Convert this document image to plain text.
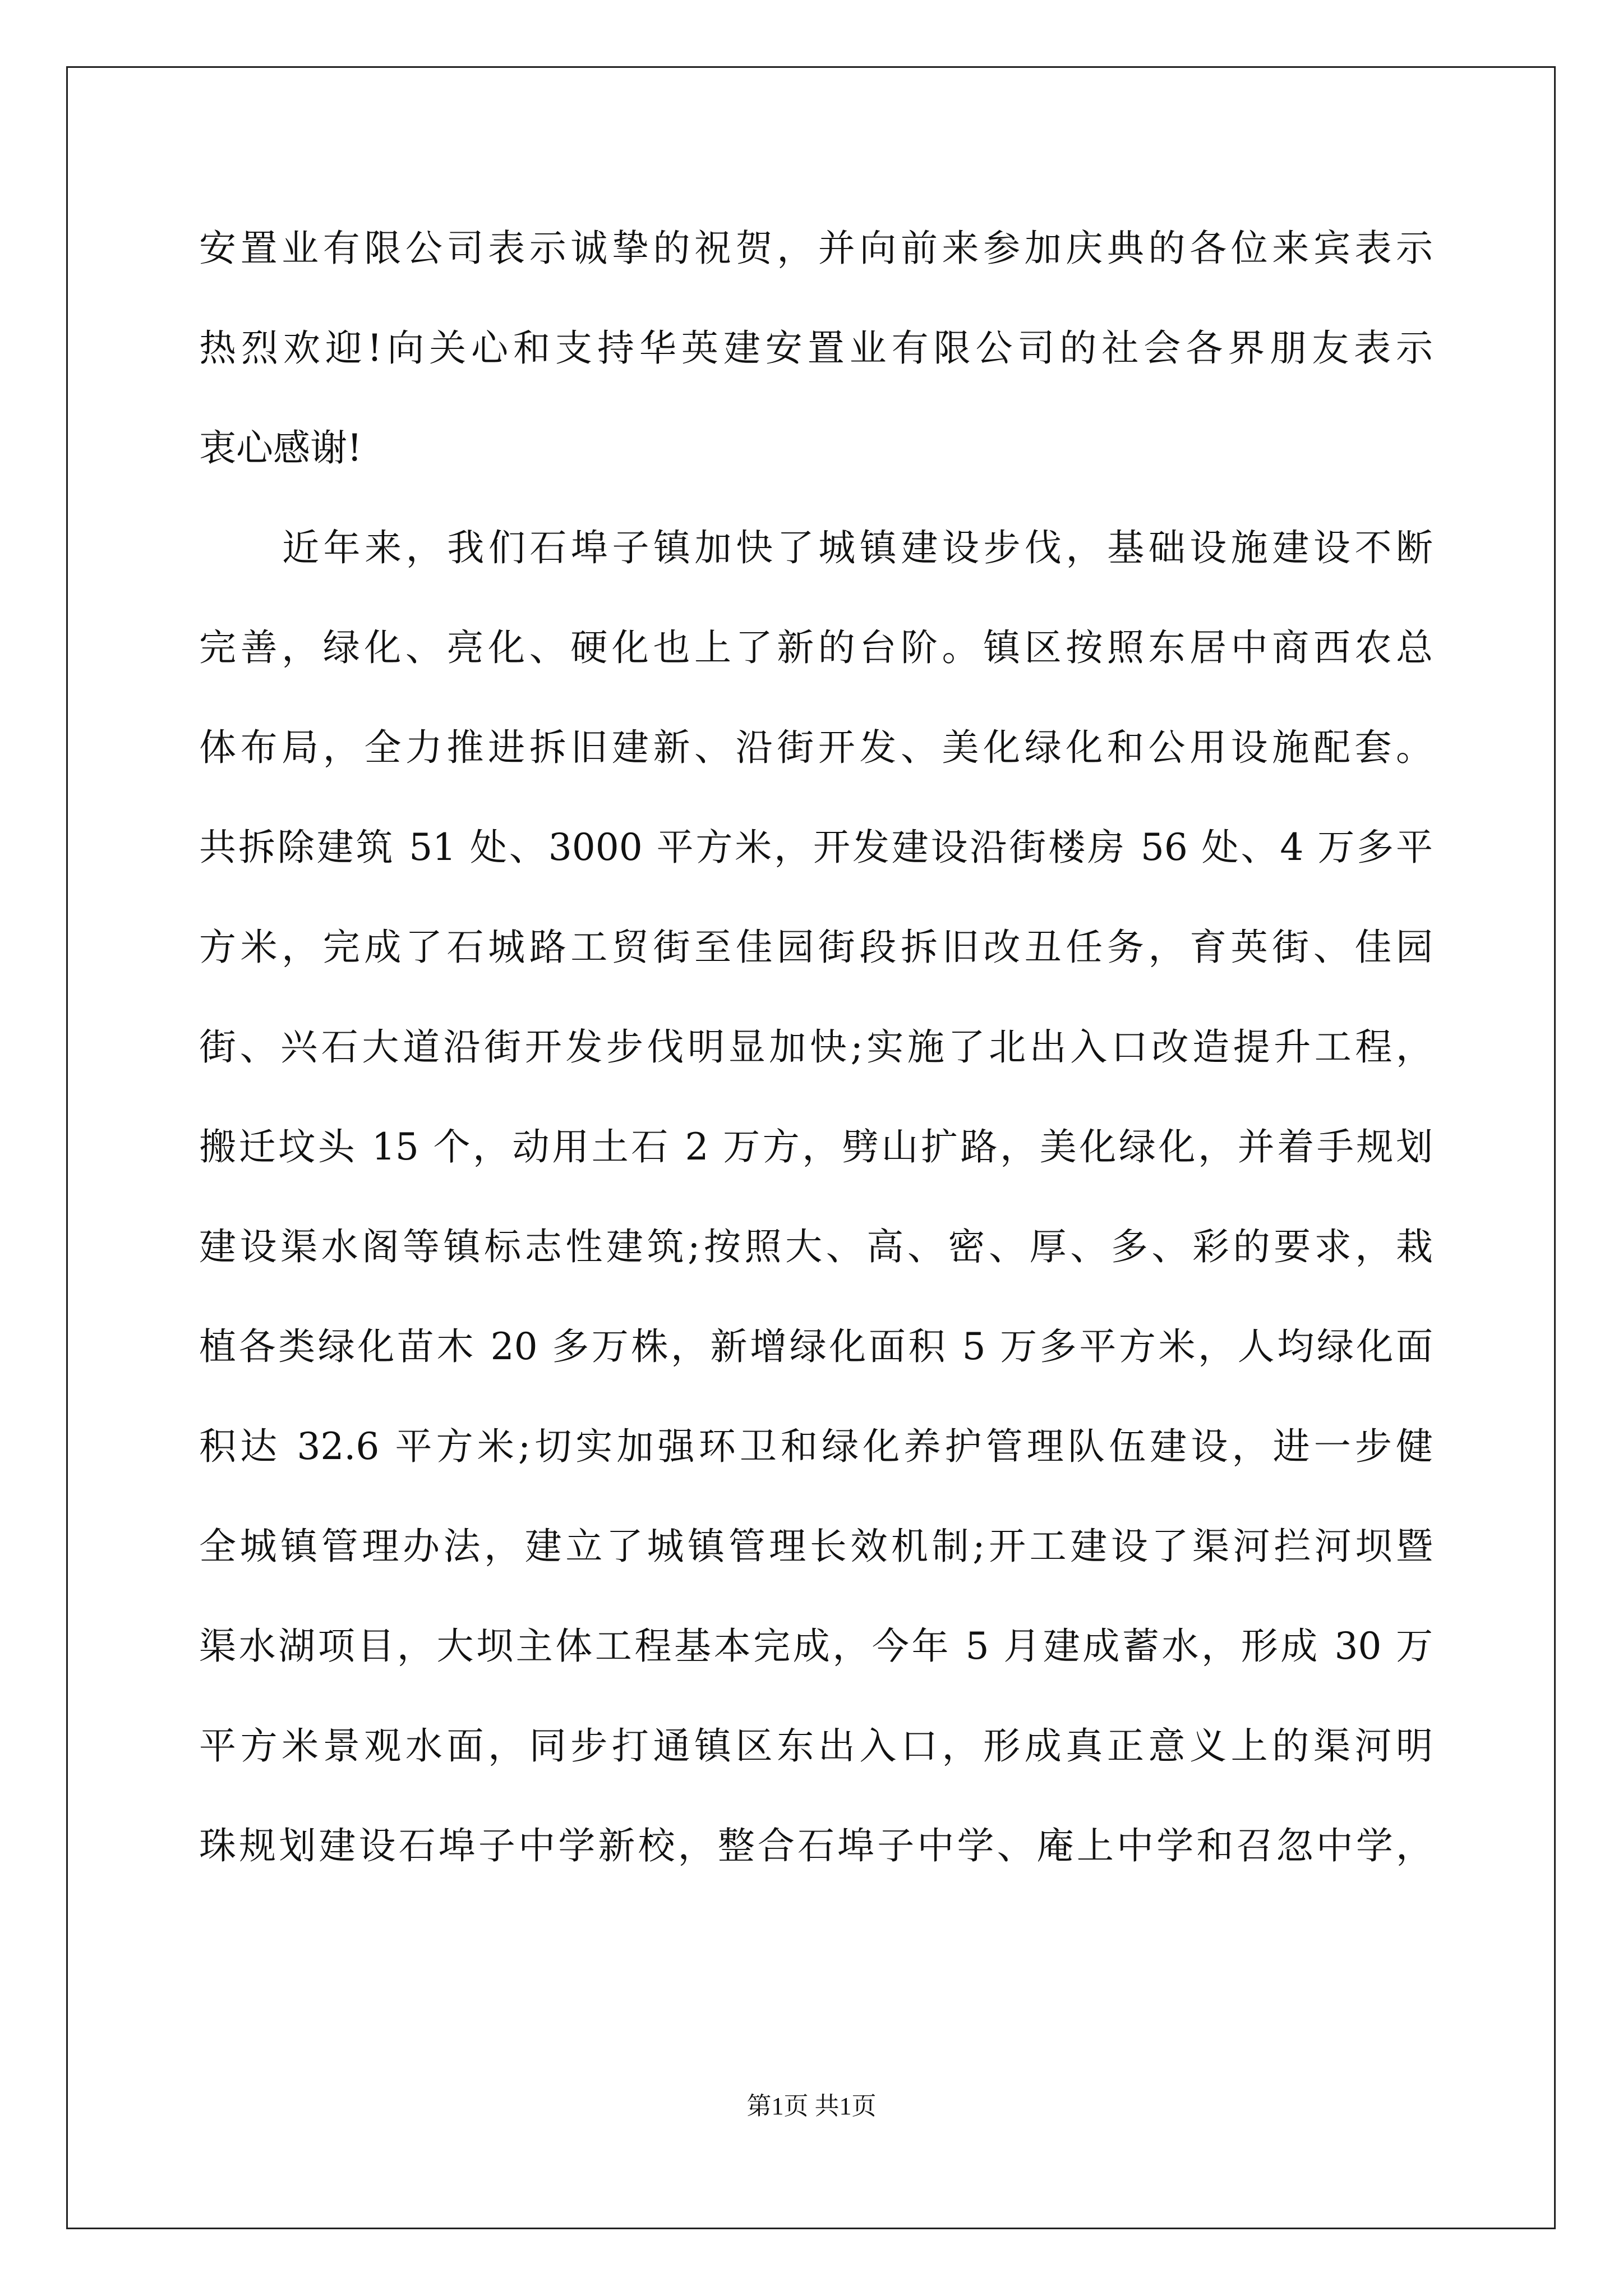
安置业有限公司表示诚挚的祝贺，并向前来参加庆典的各位来宾表示
热烈欢迎!向关心和支持华英建安置业有限公司的社会各界朋友表示
衷心感谢!
近年来，我们石埠子镇加快了城镇建设步伐，基础设施建设不断
完善，绿化、亮化、硬化也上了新的台阶。镇区按照东居中商西农总
体布局，全力推进拆旧建新、沿街开发、美化绿化和公用设施配套。
共拆除建筑 51 处、3000 平方米，开发建设沿街楼房 56 处、4 万多平
方米，完成了石城路工贸街至佳园街段拆旧改丑任务，育英街、佳园
街、兴石大道沿街开发步伐明显加快;实施了北出入口改造提升工程，
搬迁坟头 15 个，动用土石 2 万方，劈山扩路，美化绿化，并着手规划
建设渠水阁等镇标志性建筑;按照大、高、密、厚、多、彩的要求，栽
植各类绿化苗木 20 多万株，新增绿化面积 5 万多平方米，人均绿化面
积达 32.6 平方米;切实加强环卫和绿化养护管理队伍建设，进一步健
全城镇管理办法，建立了城镇管理长效机制;开工建设了渠河拦河坝暨
渠水湖项目，大坝主体工程基本完成，今年 5 月建成蓄水，形成 30 万
平方米景观水面，同步打通镇区东出入口，形成真正意义上的渠河明
珠规划建设石埠子中学新校，整合石埠子中学、庵上中学和召忽中学，
第1页 共1页
